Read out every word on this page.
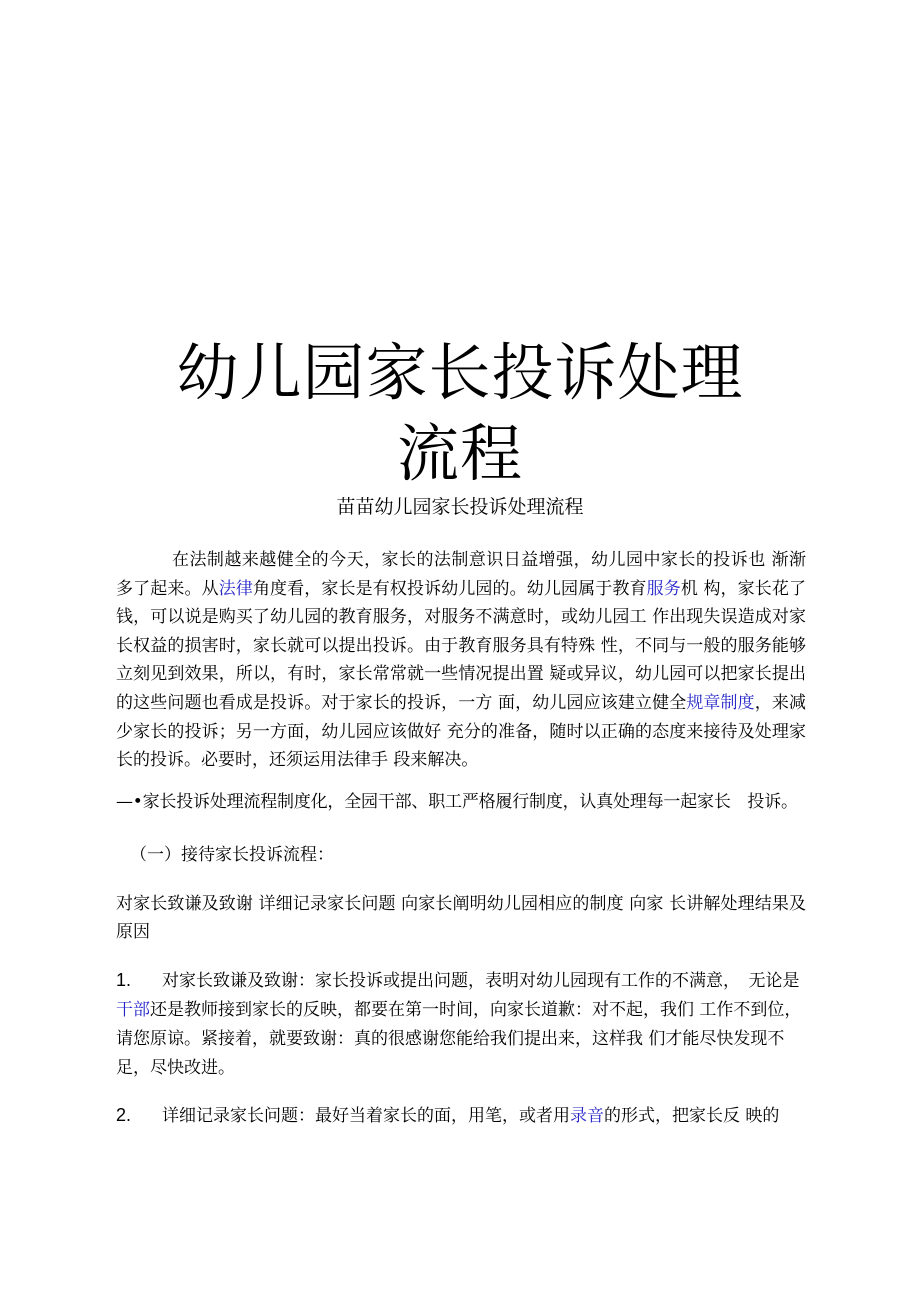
幼儿园家长投诉处理
流程
苗苗幼儿园家长投诉处理流程

在法制越来越健全的今天，家长的法制意识日益增强，幼儿园中家长的投诉也 渐渐多了起来。从法律角度看，家长是有权投诉幼儿园的。幼儿园属于教育服务机 构，家长花了钱，可以说是购买了幼儿园的教育服务，对服务不满意时，或幼儿园工 作出现失误造成对家长权益的损害时，家长就可以提出投诉。由于教育服务具有特殊 性，不同与一般的服务能够立刻见到效果，所以，有时，家长常常就一些情况提出置 疑或异议，幼儿园可以把家长提出的这些问题也看成是投诉。对于家长的投诉，一方 面，幼儿园应该建立健全规章制度，来减少家长的投诉；另一方面，幼儿园应该做好 充分的准备，随时以正确的态度来接待及处理家长的投诉。必要时，还须运用法律手 段来解决。

—•家长投诉处理流程制度化，全园干部、职工严格履行制度，认真处理每一起家长　投诉。

（一）接待家长投诉流程：

对家长致谦及致谢 详细记录家长问题 向家长阐明幼儿园相应的制度 向家 长讲解处理结果及原因

1. 对家长致谦及致谢：家长投诉或提出问题，表明对幼儿园现有工作的不满意，　无论是干部还是教师接到家长的反映，都要在第一时间，向家长道歉：对不起，我们 工作不到位，请您原谅。紧接着，就要致谢：真的很感谢您能给我们提出来，这样我 们才能尽快发现不足，尽快改进。

2. 详细记录家长问题：最好当着家长的面，用笔，或者用录音的形式，把家长反 映的
